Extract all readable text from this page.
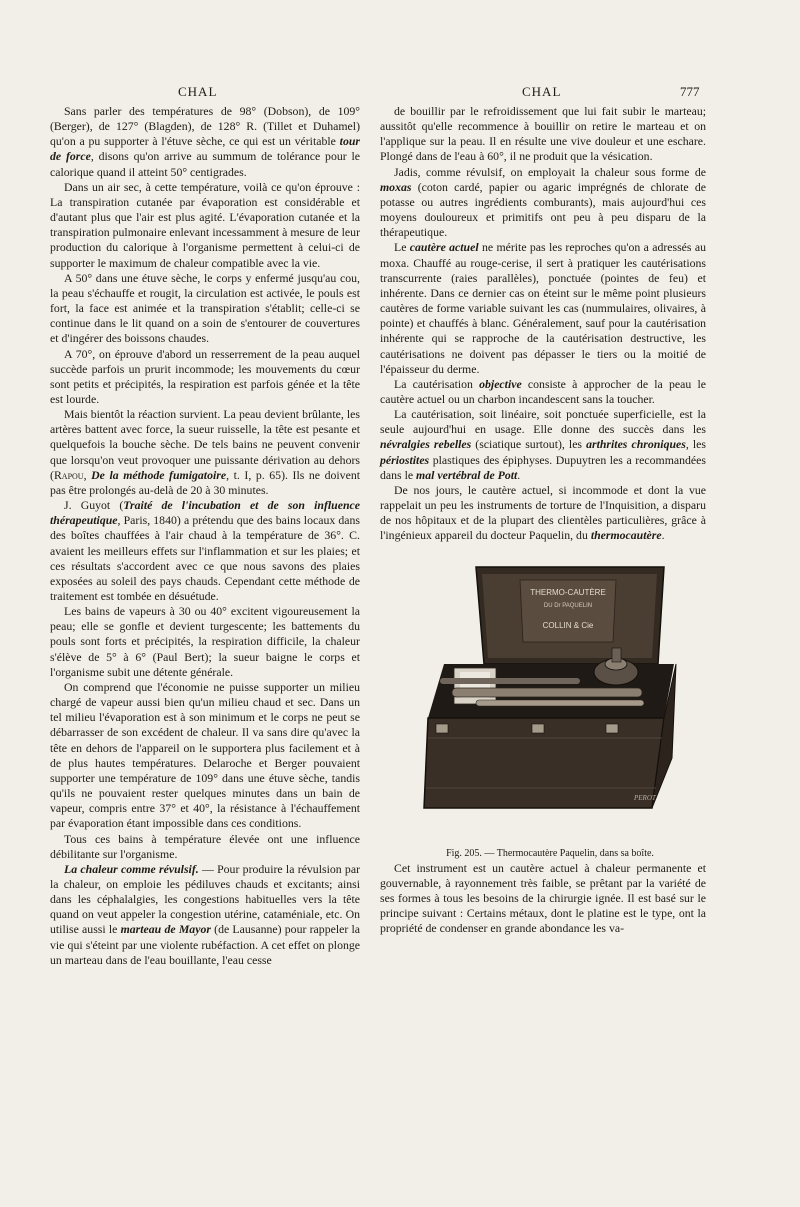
CHAL	CHAL	777

Sans parler des températures de 98° (Dobson), de 109° (Berger), de 127° (Blagden), de 128° R. (Tillet et Duhamel) qu'on a pu supporter à l'étuve sèche, ce qui est un véritable tour de force, disons qu'on arrive au summum de tolérance pour le calorique quand il atteint 50° centigrades.

Dans un air sec, à cette température, voilà ce qu'on éprouve : La transpiration cutanée par évaporation est considérable et d'autant plus que l'air est plus agité. L'évaporation cutanée et la transpiration pulmonaire enlevant incessamment à mesure de leur production du calorique à l'organisme permettent à celui-ci de supporter le maximum de chaleur compatible avec la vie.

A 50° dans une étuve sèche, le corps y enfermé jusqu'au cou, la peau s'échauffe et rougit, la circulation est activée, le pouls est fort, la face est animée et la transpiration s'établit; celle-ci se continue dans le lit quand on a soin de s'entourer de couvertures et d'ingérer des boissons chaudes.

A 70°, on éprouve d'abord un resserrement de la peau auquel succède parfois un prurit incommode; les mouvements du cœur sont petits et précipités, la respiration est parfois génée et la tête est lourde.

Mais bientôt la réaction survient. La peau devient brûlante, les artères battent avec force, la sueur ruisselle, la tête est pesante et quelquefois la bouche sèche. De tels bains ne peuvent convenir que lorsqu'on veut provoquer une puissante dérivation au dehors (Rapou, De la méthode fumigatoire, t. I, p. 65). Ils ne doivent pas être prolongés au-delà de 20 à 30 minutes.

J. Guyot (Traité de l'incubation et de son influence thérapeutique, Paris, 1840) a prétendu que des bains locaux dans des boîtes chauffées à l'air chaud à la température de 36°. C. avaient les meilleurs effets sur l'inflammation et sur les plaies; et ces résultats s'accordent avec ce que nous savons des plaies exposées au soleil des pays chauds. Cependant cette méthode de traitement est tombée en désuétude.

Les bains de vapeurs à 30 ou 40° excitent vigoureusement la peau; elle se gonfle et devient turgescente; les battements du pouls sont forts et précipités, la respiration difficile, la chaleur s'élève de 5° à 6° (Paul Bert); la sueur baigne le corps et l'organisme subit une détente générale.

On comprend que l'économie ne puisse supporter un milieu chargé de vapeur aussi bien qu'un milieu chaud et sec. Dans un tel milieu l'évaporation est à son minimum et le corps ne peut se débarrasser de son excédent de chaleur. Il va sans dire qu'avec la tête en dehors de l'appareil on le supportera plus facilement et à de plus hautes températures. Delaroche et Berger pouvaient supporter une température de 109° dans une étuve sèche, tandis qu'ils ne pouvaient rester quelques minutes dans un bain de vapeur, compris entre 37° et 40°, la résistance à l'échauffement par évaporation étant impossible dans ces conditions.

Tous ces bains à température élevée ont une influence débilitante sur l'organisme.

La chaleur comme révulsif. — Pour produire la révulsion par la chaleur, on emploie les pédiluves chauds et excitants; ainsi dans les céphalalgies, les congestions habituelles vers la tête quand on veut appeler la congestion utérine, cataméniale, etc. On utilise aussi le marteau de Mayor (de Lausanne) pour rappeler la vie qui s'éteint par une violente rubéfaction. A cet effet on plonge un marteau dans de l'eau bouillante, l'eau cesse

de bouillir par le refroidissement que lui fait subir le marteau; aussitôt qu'elle recommence à bouillir on retire le marteau et on l'applique sur la peau. Il en résulte une vive douleur et une eschare. Plongé dans de l'eau à 60°, il ne produit que la vésication.

Jadis, comme révulsif, on employait la chaleur sous forme de moxas (coton cardé, papier ou agaric imprégnés de chlorate de potasse ou autres ingrédients comburants), mais aujourd'hui ces moyens douloureux et primitifs ont peu à peu disparu de la thérapeutique.

Le cautère actuel ne mérite pas les reproches qu'on a adressés au moxa. Chauffé au rouge-cerise, il sert à pratiquer les cautérisations transcurrente (raies parallèles), ponctuée (pointes de feu) et inhérente. Dans ce dernier cas on éteint sur le même point plusieurs cautères de forme variable suivant les cas (nummulaires, olivaires, à pointe) et chauffés à blanc. Généralement, sauf pour la cautérisation inhérente qui se rapproche de la cautérisation destructive, les cautérisations ne doivent pas dépasser le tiers ou la moitié de l'épaisseur du derme.

La cautérisation objective consiste à approcher de la peau le cautère actuel ou un charbon incandescent sans la toucher.

La cautérisation, soit linéaire, soit ponctuée superficielle, est la seule aujourd'hui en usage. Elle donne des succès dans les névralgies rebelles (sciatique surtout), les arthrites chroniques, les périostites plastiques des épiphyses. Dupuytren les a recommandées dans le mal vertébral de Pott.

De nos jours, le cautère actuel, si incommode et dont la vue rappelait un peu les instruments de torture de l'Inquisition, a disparu de nos hôpitaux et de la plupart des clientèles particulières, grâce à l'ingénieux appareil du docteur Paquelin, du thermocautère.

THERMO-CAUTÈRE
DU Dr PAQUELIN
COLLIN & Cie
PEROT

Fig. 205. — Thermocautère Paquelin, dans sa boîte.

Cet instrument est un cautère actuel à chaleur permanente et gouvernable, à rayonnement très faible, se prêtant par la variété de ses formes à tous les besoins de la chirurgie ignée. Il est basé sur le principe suivant : Certains métaux, dont le platine est le type, ont la propriété de condenser en grande abondance les va-
